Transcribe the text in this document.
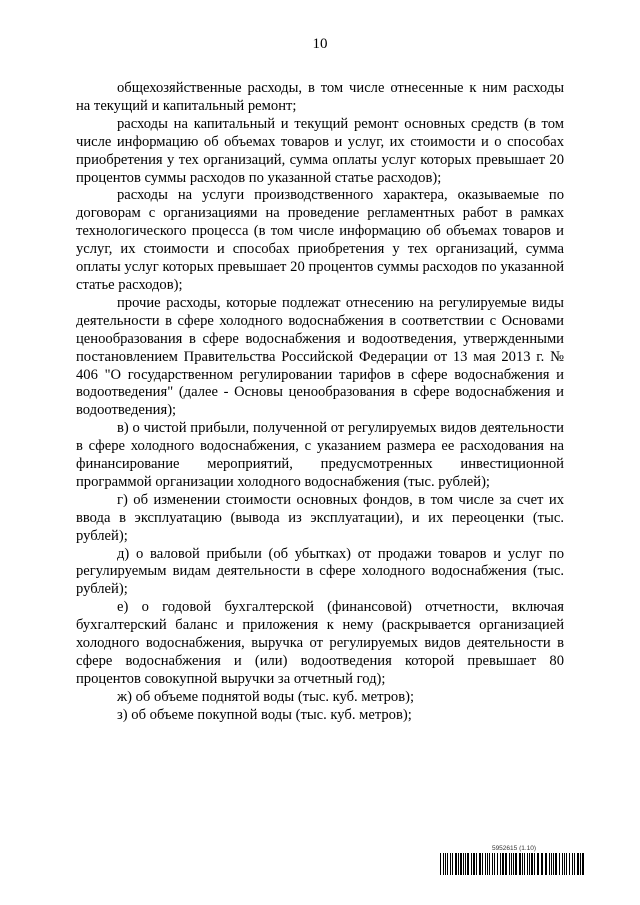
10

общехозяйственные расходы, в том числе отнесенные к ним расходы на текущий и капитальный ремонт;

расходы на капитальный и текущий ремонт основных средств (в том числе информацию об объемах товаров и услуг, их стоимости и о способах приобретения у тех организаций, сумма оплаты услуг которых превышает 20 процентов суммы расходов по указанной статье расходов);

расходы на услуги производственного характера, оказываемые по договорам с организациями на проведение регламентных работ в рамках технологического процесса (в том числе информацию об объемах товаров и услуг, их стоимости и способах приобретения у тех организаций, сумма оплаты услуг которых превышает 20 процентов суммы расходов по указанной статье расходов);

прочие расходы, которые подлежат отнесению на регулируемые виды деятельности в сфере холодного водоснабжения в соответствии с Основами ценообразования в сфере водоснабжения и водоотведения, утвержденными постановлением Правительства Российской Федерации от 13 мая 2013 г. № 406 "О государственном регулировании тарифов в сфере водоснабжения и водоотведения" (далее - Основы ценообразования в сфере водоснабжения и водоотведения);

в) о чистой прибыли, полученной от регулируемых видов деятельности в сфере холодного водоснабжения, с указанием размера ее расходования на финансирование мероприятий, предусмотренных инвестиционной программой организации холодного водоснабжения (тыс. рублей);

г) об изменении стоимости основных фондов, в том числе за счет их ввода в эксплуатацию (вывода из эксплуатации), и их переоценки (тыс. рублей);

д) о валовой прибыли (об убытках) от продажи товаров и услуг по регулируемым видам деятельности в сфере холодного водоснабжения (тыс. рублей);

е) о годовой бухгалтерской (финансовой) отчетности, включая бухгалтерский баланс и приложения к нему (раскрывается организацией холодного водоснабжения, выручка от регулируемых видов деятельности в сфере водоснабжения и (или) водоотведения которой превышает 80 процентов совокупной выручки за отчетный год);

ж) об объеме поднятой воды (тыс. куб. метров);

з) об объеме покупной воды (тыс. куб. метров);

5952615 (1.10)
